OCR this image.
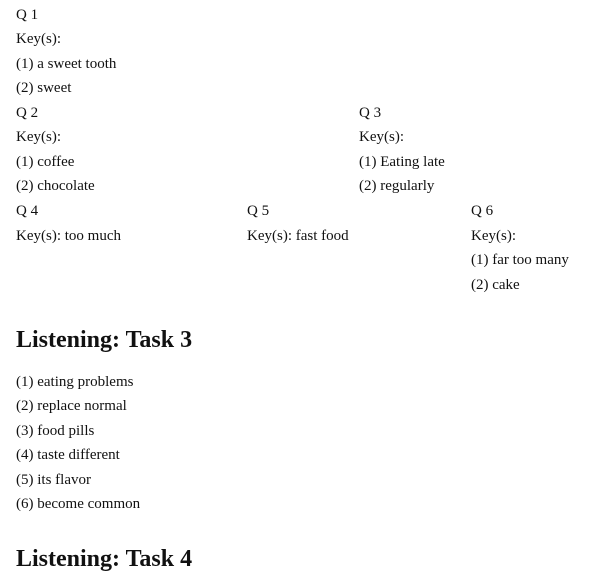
Q 1
Key(s):
(1) a sweet tooth
(2) sweet
Q 2
Key(s):
(1) coffee
(2) chocolate
Q 3
Key(s):
(1) Eating late
(2) regularly
Q 4
Key(s): too much
Q 5
Key(s): fast food
Q 6
Key(s):
(1) far too many
(2) cake
Listening: Task 3
(1) eating problems
(2) replace normal
(3) food pills
(4) taste different
(5) its flavor
(6) become common
Listening: Task 4
